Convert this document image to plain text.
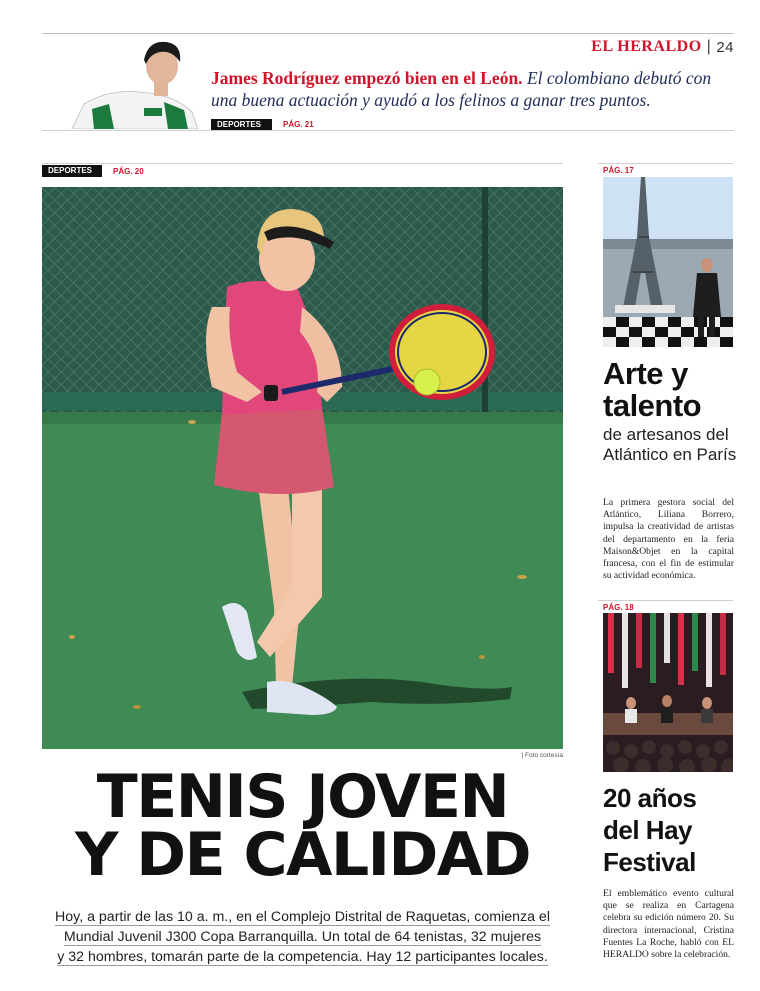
EL HERALDO | 24
James Rodríguez empezó bien en el León. El colombiano debutó con una buena actuación y ayudó a los felinos a ganar tres puntos.
DEPORTES	PÁG. 21
DEPORTES	PÁG. 20
| Foto cortesía
TENIS JOVEN
Y DE CALIDAD
Hoy, a partir de las 10 a. m., en el Complejo Distrital de Raquetas, comienza el
Mundial Juvenil J300 Copa Barranquilla. Un total de 64 tenistas, 32 mujeres
y 32 hombres, tomarán parte de la competencia. Hay 12 participantes locales.
PÁG. 17
Arte y talento
de artesanos del Atlántico en París
La primera gestora social del Atlántico, Liliana Borrero, impulsa la creatividad de artistas del departamento en la feria Maison&Objet en la capital francesa, con el fin de estimular su actividad económica.
PÁG. 18
20 años del Hay Festival
El emblemático evento cultural que se realiza en Cartagena celebra su edición número 20. Su directora internacional, Cristina Fuentes La Roche, habló con EL HERALDO sobre la celebración.
